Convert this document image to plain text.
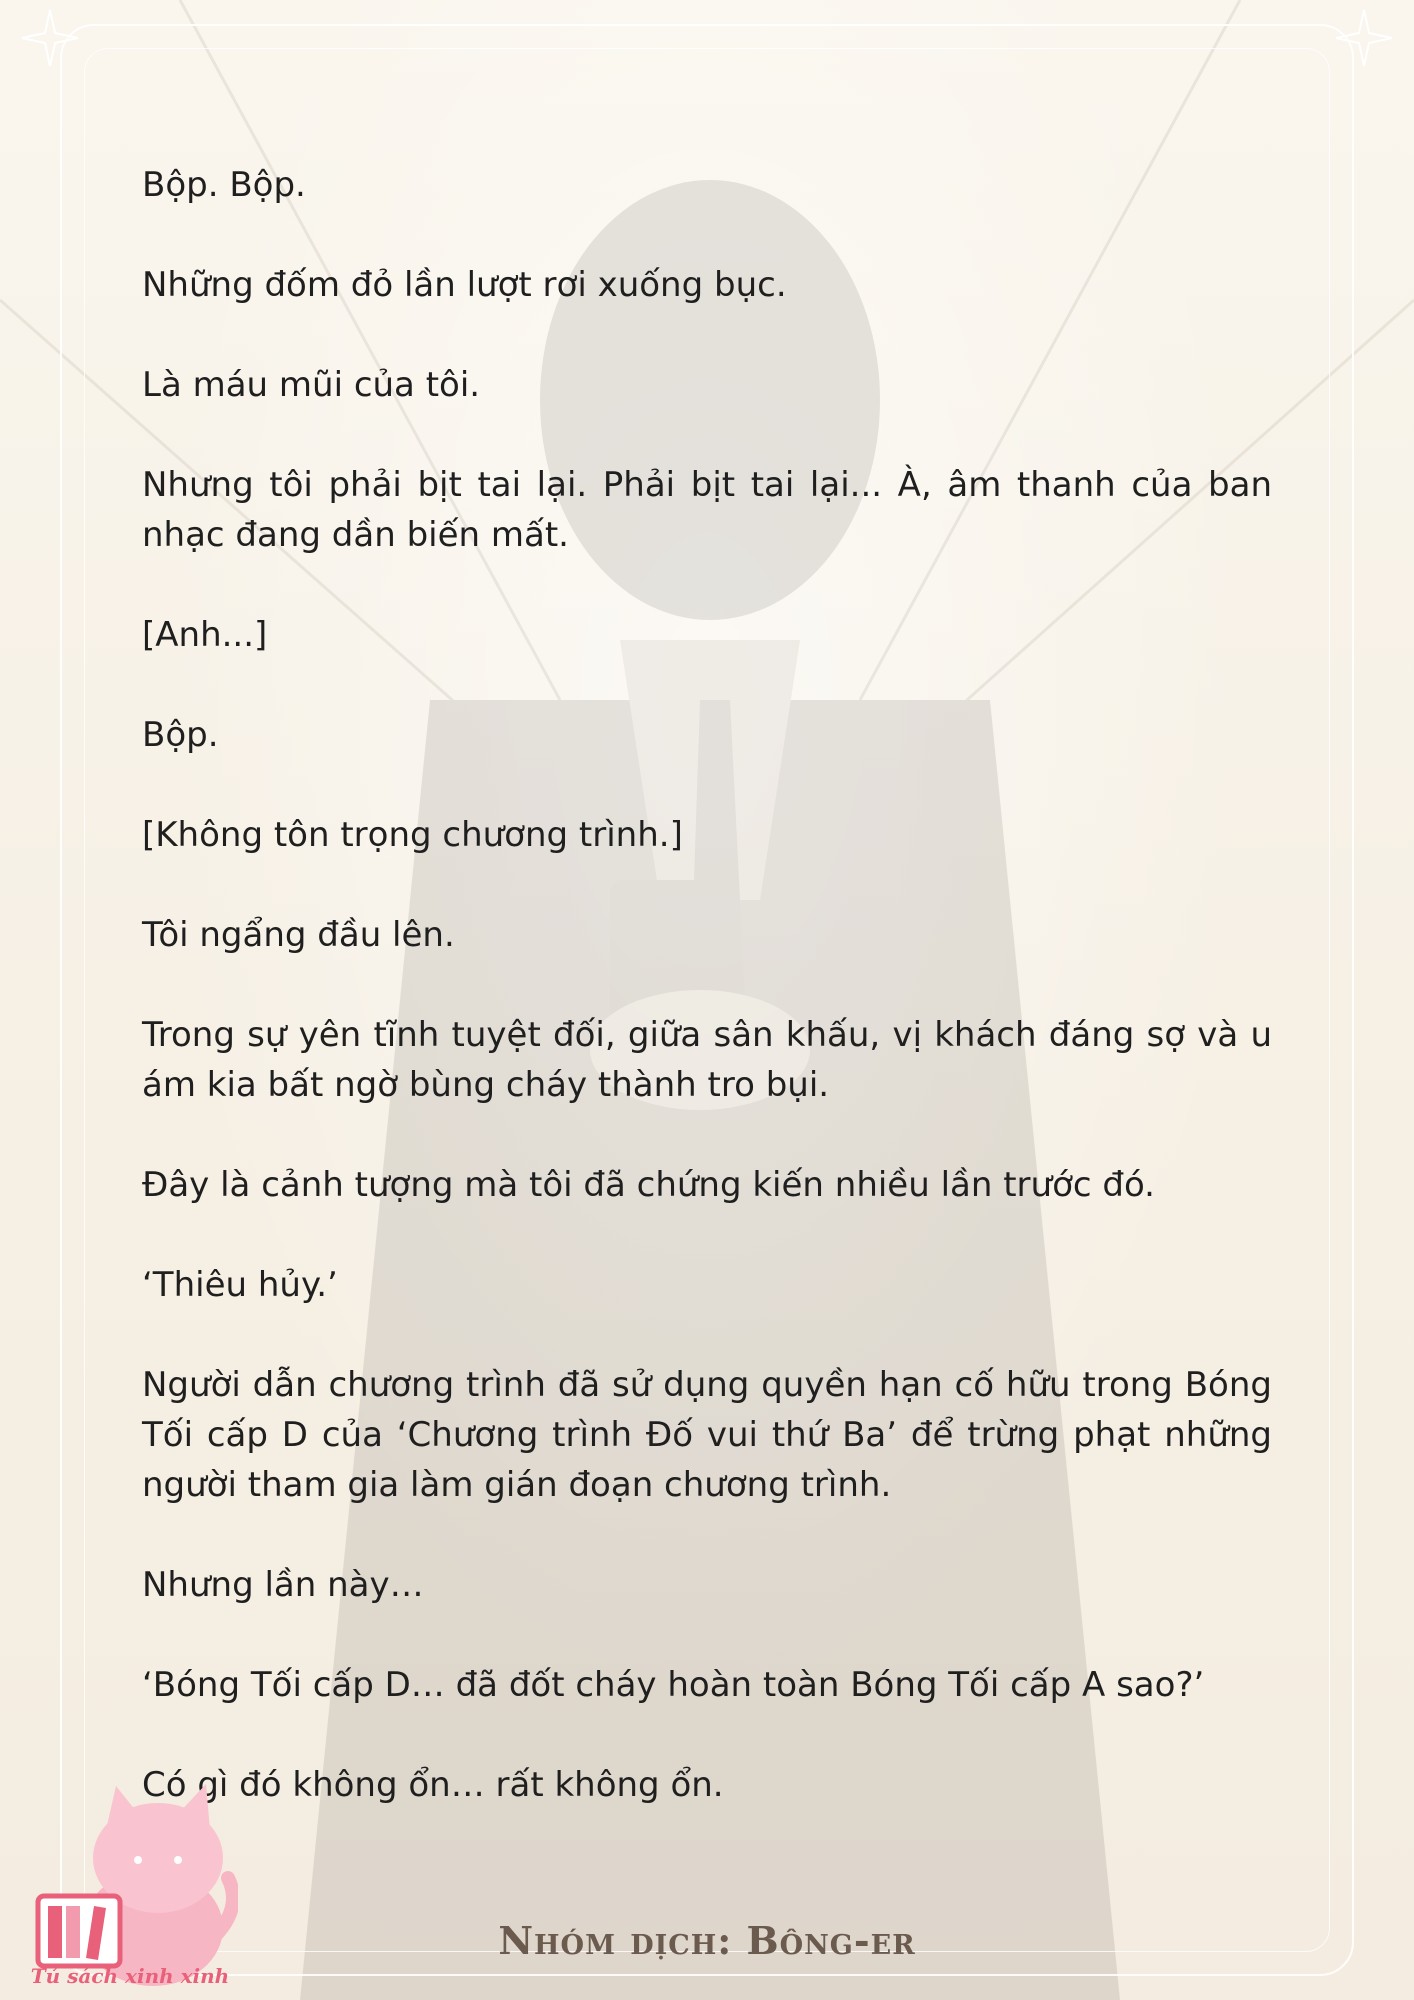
Bộp. Bộp.

Những đốm đỏ lần lượt rơi xuống bục.

Là máu mũi của tôi.

Nhưng tôi phải bịt tai lại. Phải bịt tai lại... À, âm thanh của ban nhạc đang dần biến mất.

[Anh...]

Bộp.

[Không tôn trọng chương trình.]

Tôi ngẩng đầu lên.

Trong sự yên tĩnh tuyệt đối, giữa sân khấu, vị khách đáng sợ và u ám kia bất ngờ bùng cháy thành tro bụi.

Đây là cảnh tượng mà tôi đã chứng kiến nhiều lần trước đó.

‘Thiêu hủy.’

Người dẫn chương trình đã sử dụng quyền hạn cố hữu trong Bóng Tối cấp D của ‘Chương trình Đố vui thứ Ba’ để trừng phạt những người tham gia làm gián đoạn chương trình.

Nhưng lần này…

‘Bóng Tối cấp D… đã đốt cháy hoàn toàn Bóng Tối cấp A sao?’

Có gì đó không ổn… rất không ổn.

Tủ sách xinh xinh
Nhóm dịch: Bông-er
